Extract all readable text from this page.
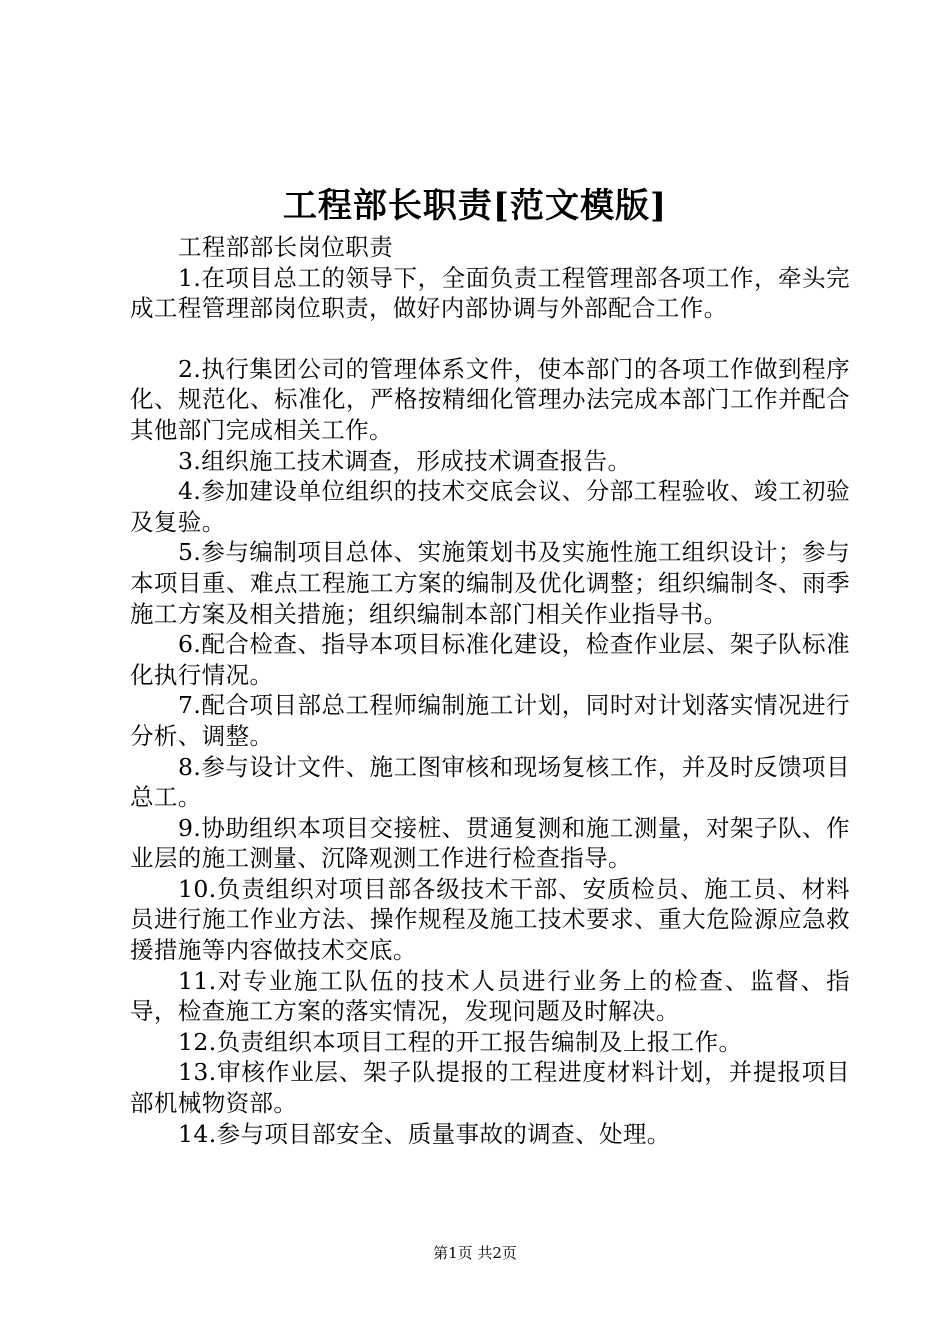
工程部长职责[范文模版]

工程部部长岗位职责

1.在项目总工的领导下，全面负责工程管理部各项工作，牵头完成工程管理部岗位职责，做好内部协调与外部配合工作。

2.执行集团公司的管理体系文件，使本部门的各项工作做到程序化、规范化、标准化，严格按精细化管理办法完成本部门工作并配合其他部门完成相关工作。

3.组织施工技术调查，形成技术调查报告。

4.参加建设单位组织的技术交底会议、分部工程验收、竣工初验及复验。

5.参与编制项目总体、实施策划书及实施性施工组织设计；参与本项目重、难点工程施工方案的编制及优化调整；组织编制冬、雨季施工方案及相关措施；组织编制本部门相关作业指导书。

6.配合检查、指导本项目标准化建设，检查作业层、架子队标准化执行情况。

7.配合项目部总工程师编制施工计划，同时对计划落实情况进行分析、调整。

8.参与设计文件、施工图审核和现场复核工作，并及时反馈项目总工。

9.协助组织本项目交接桩、贯通复测和施工测量，对架子队、作业层的施工测量、沉降观测工作进行检查指导。

10.负责组织对项目部各级技术干部、安质检员、施工员、材料员进行施工作业方法、操作规程及施工技术要求、重大危险源应急救援措施等内容做技术交底。

11.对专业施工队伍的技术人员进行业务上的检查、监督、指导，检查施工方案的落实情况，发现问题及时解决。

12.负责组织本项目工程的开工报告编制及上报工作。

13.审核作业层、架子队提报的工程进度材料计划，并提报项目部机械物资部。

14.参与项目部安全、质量事故的调查、处理。

第1页 共2页
